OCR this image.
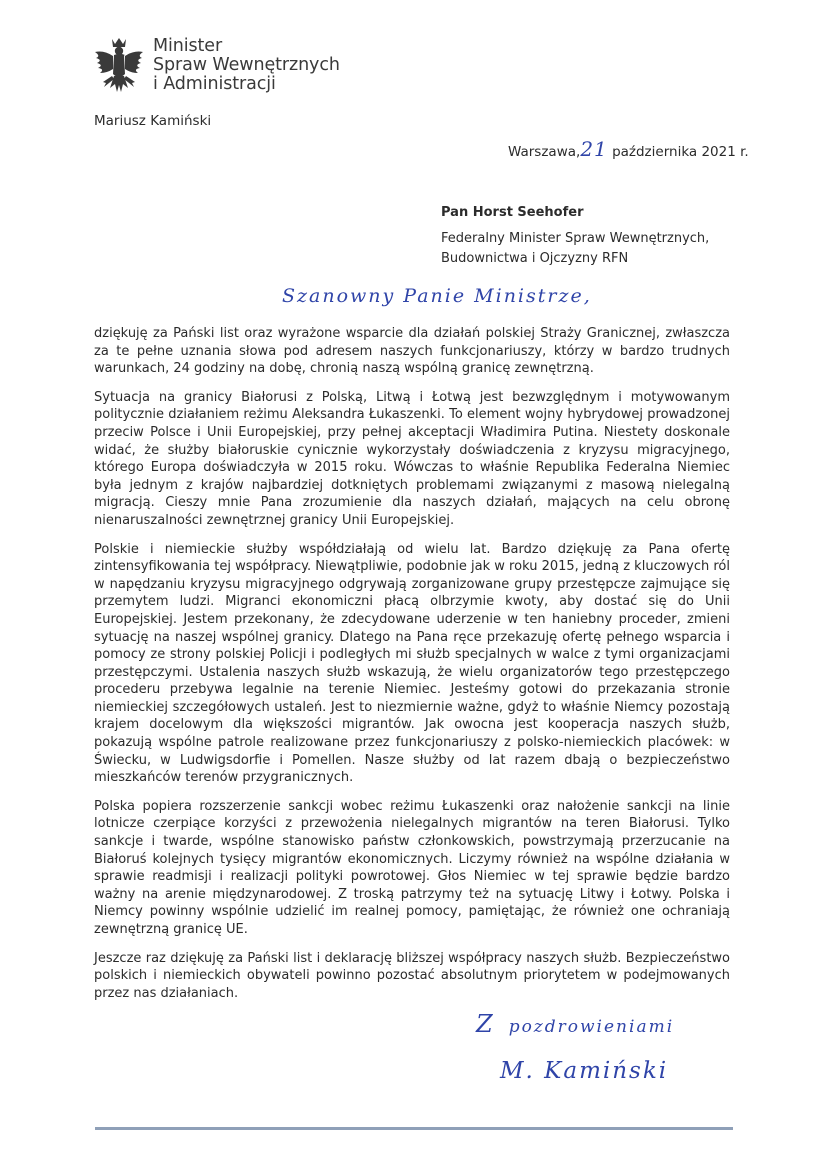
Minister
Spraw Wewnętrznych
i Administracji
Mariusz Kamiński
Warszawa,21 października 2021 r.
Pan Horst Seehofer
Federalny Minister Spraw Wewnętrznych,
Budownictwa i Ojczyzny RFN
Szanowny Panie Ministrze,

dziękuję za Pański list oraz wyrażone wsparcie dla działań polskiej Straży Granicznej, zwłaszcza za te pełne uznania słowa pod adresem naszych funkcjonariuszy, którzy w bardzo trudnych warunkach, 24 godziny na dobę, chronią naszą wspólną granicę zewnętrzną.

Sytuacja na granicy Białorusi z Polską, Litwą i Łotwą jest bezwzględnym i motywowanym politycznie działaniem reżimu Aleksandra Łukaszenki. To element wojny hybrydowej prowadzonej przeciw Polsce i Unii Europejskiej, przy pełnej akceptacji Władimira Putina. Niestety doskonale widać, że służby białoruskie cynicznie wykorzystały doświadczenia z kryzysu migracyjnego, którego Europa doświadczyła w 2015 roku. Wówczas to właśnie Republika Federalna Niemiec była jednym z krajów najbardziej dotkniętych problemami związanymi z masową nielegalną migracją. Cieszy mnie Pana zrozumienie dla naszych działań, mających na celu obronę nienaruszalności zewnętrznej granicy Unii Europejskiej.

Polskie i niemieckie służby współdziałają od wielu lat. Bardzo dziękuję za Pana ofertę zintensyfikowania tej współpracy. Niewątpliwie, podobnie jak w roku 2015, jedną z kluczowych ról w napędzaniu kryzysu migracyjnego odgrywają zorganizowane grupy przestępcze zajmujące się przemytem ludzi. Migranci ekonomiczni płacą olbrzymie kwoty, aby dostać się do Unii Europejskiej. Jestem przekonany, że zdecydowane uderzenie w ten haniebny proceder, zmieni sytuację na naszej wspólnej granicy. Dlatego na Pana ręce przekazuję ofertę pełnego wsparcia i pomocy ze strony polskiej Policji i podległych mi służb specjalnych w walce z tymi organizacjami przestępczymi. Ustalenia naszych służb wskazują, że wielu organizatorów tego przestępczego procederu przebywa legalnie na terenie Niemiec. Jesteśmy gotowi do przekazania stronie niemieckiej szczegółowych ustaleń. Jest to niezmiernie ważne, gdyż to właśnie Niemcy pozostają krajem docelowym dla większości migrantów. Jak owocna jest kooperacja naszych służb, pokazują wspólne patrole realizowane przez funkcjonariuszy z polsko-niemieckich placówek: w Świecku, w Ludwigsdorfie i Pomellen. Nasze służby od lat razem dbają o bezpieczeństwo mieszkańców terenów przygranicznych.

Polska popiera rozszerzenie sankcji wobec reżimu Łukaszenki oraz nałożenie sankcji na linie lotnicze czerpiące korzyści z przewożenia nielegalnych migrantów na teren Białorusi. Tylko sankcje i twarde, wspólne stanowisko państw członkowskich, powstrzymają przerzucanie na Białoruś kolejnych tysięcy migrantów ekonomicznych. Liczymy również na wspólne działania w sprawie readmisji i realizacji polityki powrotowej. Głos Niemiec w tej sprawie będzie bardzo ważny na arenie międzynarodowej. Z troską patrzymy też na sytuację Litwy i Łotwy. Polska i Niemcy powinny wspólnie udzielić im realnej pomocy, pamiętając, że również one ochraniają zewnętrzną granicę UE.

Jeszcze raz dziękuję za Pański list i deklarację bliższej współpracy naszych służb. Bezpieczeństwo polskich i niemieckich obywateli powinno pozostać absolutnym priorytetem w podejmowanych przez nas działaniach.

Z pozdrowieniami
M. Kamiński
